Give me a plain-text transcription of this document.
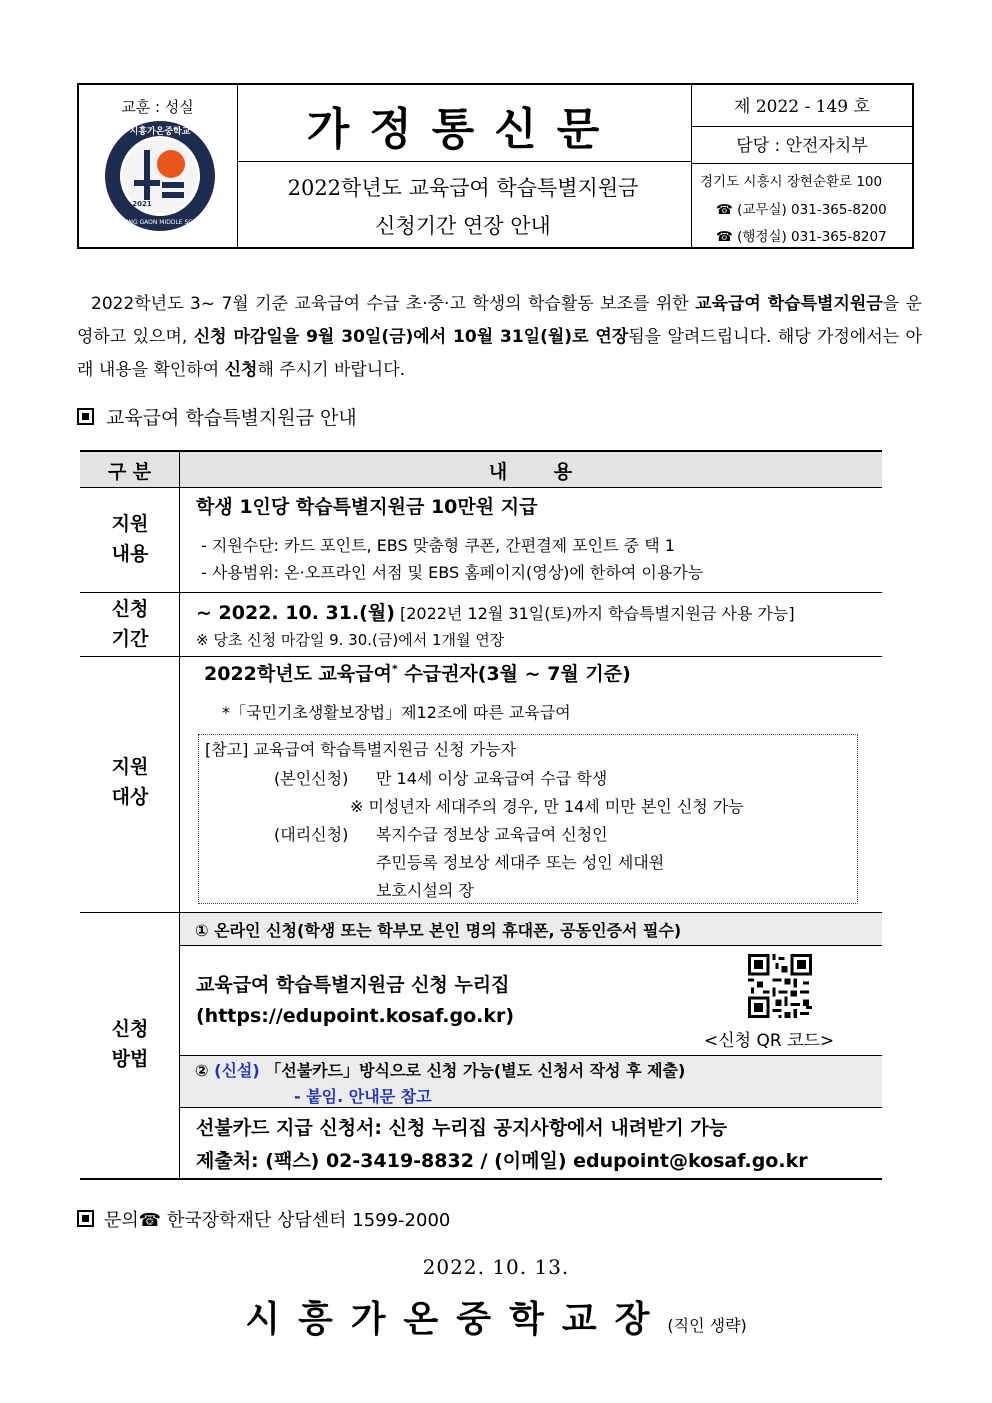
교훈 : 성실
시흥가온중학교
SIHEUNG GAON MIDDLE SCHOOL
2021
가정통신문
2022학년도 교육급여 학습특별지원금
신청기간 연장 안내
제 2022 - 149 호
담당 : 안전자치부
경기도 시흥시 장현순환로 100
☎ (교무실) 031-365-8200
☎ (행정실) 031-365-8207

2022학년도 3~ 7월 기준 교육급여 수급 초·중·고 학생의 학습활동 보조를 위한 교육급여 학습특별지원금을 운영하고 있으며, 신청 마감일을 9월 30일(금)에서 10월 31일(월)로 연장됨을 알려드립니다. 해당 가정에서는 아래 내용을 확인하여 신청해 주시기 바랍니다.

교육급여 학습특별지원금 안내
구 분	내 용
지원
내용
학생 1인당 학습특별지원금 10만원 지급
- 지원수단: 카드 포인트, EBS 맞춤형 쿠폰, 간편결제 포인트 중 택 1
- 사용범위: 온·오프라인 서점 및 EBS 홈페이지(영상)에 한하여 이용가능
신청
기간
~ 2022. 10. 31.(월) [2022년 12월 31일(토)까지 학습특별지원금 사용 가능]
※ 당초 신청 마감일 9. 30.(금)에서 1개월 연장
지원
대상
2022학년도 교육급여* 수급권자(3월 ~ 7월 기준)
*「국민기초생활보장법」제12조에 따른 교육급여
[참고] 교육급여 학습특별지원금 신청 가능자
(본인신청) 만 14세 이상 교육급여 수급 학생
※ 미성년자 세대주의 경우, 만 14세 미만 본인 신청 가능
(대리신청) 복지수급 정보상 교육급여 신청인
주민등록 정보상 세대주 또는 성인 세대원
보호시설의 장
신청
방법
① 온라인 신청(학생 또는 학부모 본인 명의 휴대폰, 공동인증서 필수)
교육급여 학습특별지원금 신청 누리집
(https://edupoint.kosaf.go.kr)
<신청 QR 코드>
② (신설) 「선불카드」방식으로 신청 가능(별도 신청서 작성 후 제출)
- 붙임. 안내문 참고
선불카드 지급 신청서: 신청 누리집 공지사항에서 내려받기 가능
제출처: (팩스) 02-3419-8832 / (이메일) edupoint@kosaf.go.kr
문의☎ 한국장학재단 상담센터 1599-2000
2022. 10. 13.
시흥가온중학교장(직인 생략)
